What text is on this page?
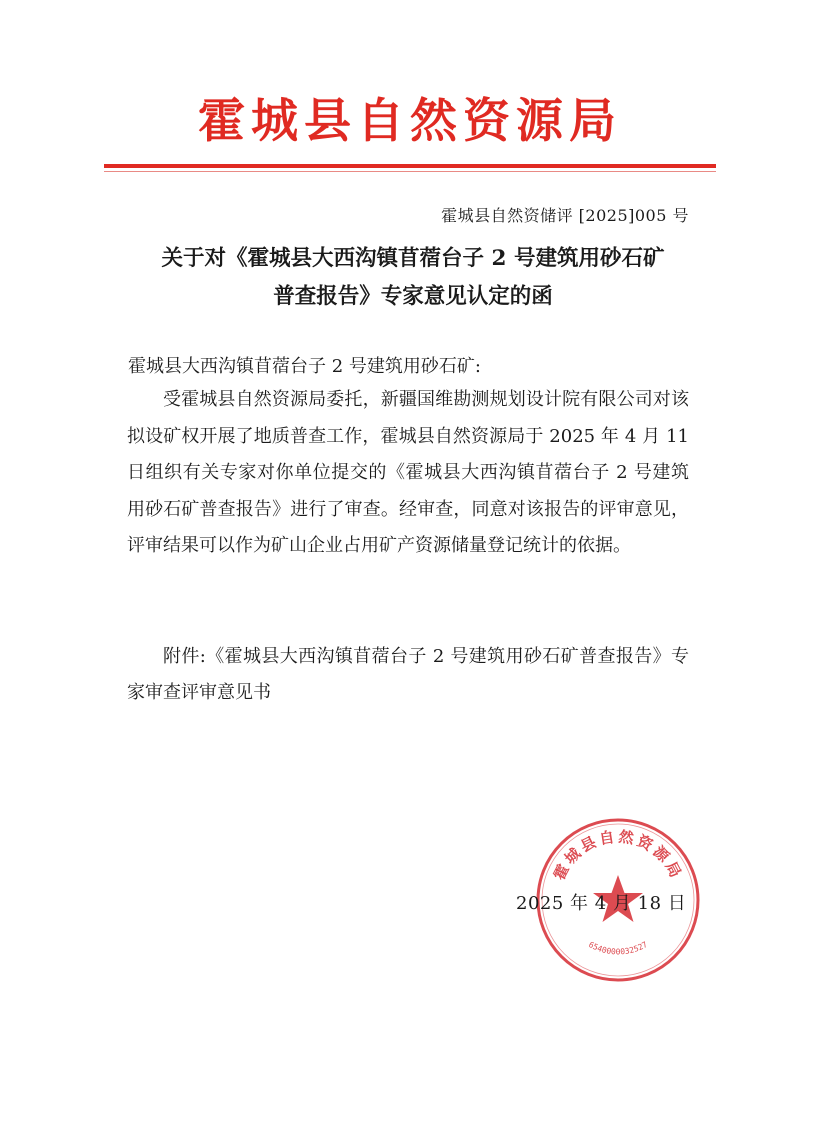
霍城县自然资源局
霍城县自然资储评 [2025]005 号
关于对《霍城县大西沟镇苜蓿台子 2 号建筑用砂石矿
普查报告》专家意见认定的函
霍城县大西沟镇苜蓿台子 2 号建筑用砂石矿:
受霍城县自然资源局委托，新疆国维勘测规划设计院有限公司对该拟设矿权开展了地质普查工作，霍城县自然资源局于 2025 年 4 月 11 日组织有关专家对你单位提交的《霍城县大西沟镇苜蓿台子 2 号建筑用砂石矿普查报告》进行了审查。经审查，同意对该报告的评审意见，评审结果可以作为矿山企业占用矿产资源储量登记统计的依据。
附件:《霍城县大西沟镇苜蓿台子 2 号建筑用砂石矿普查报告》专家审查评审意见书
霍城县自然资源局
6540000032527
2025 年 4 月 18 日
